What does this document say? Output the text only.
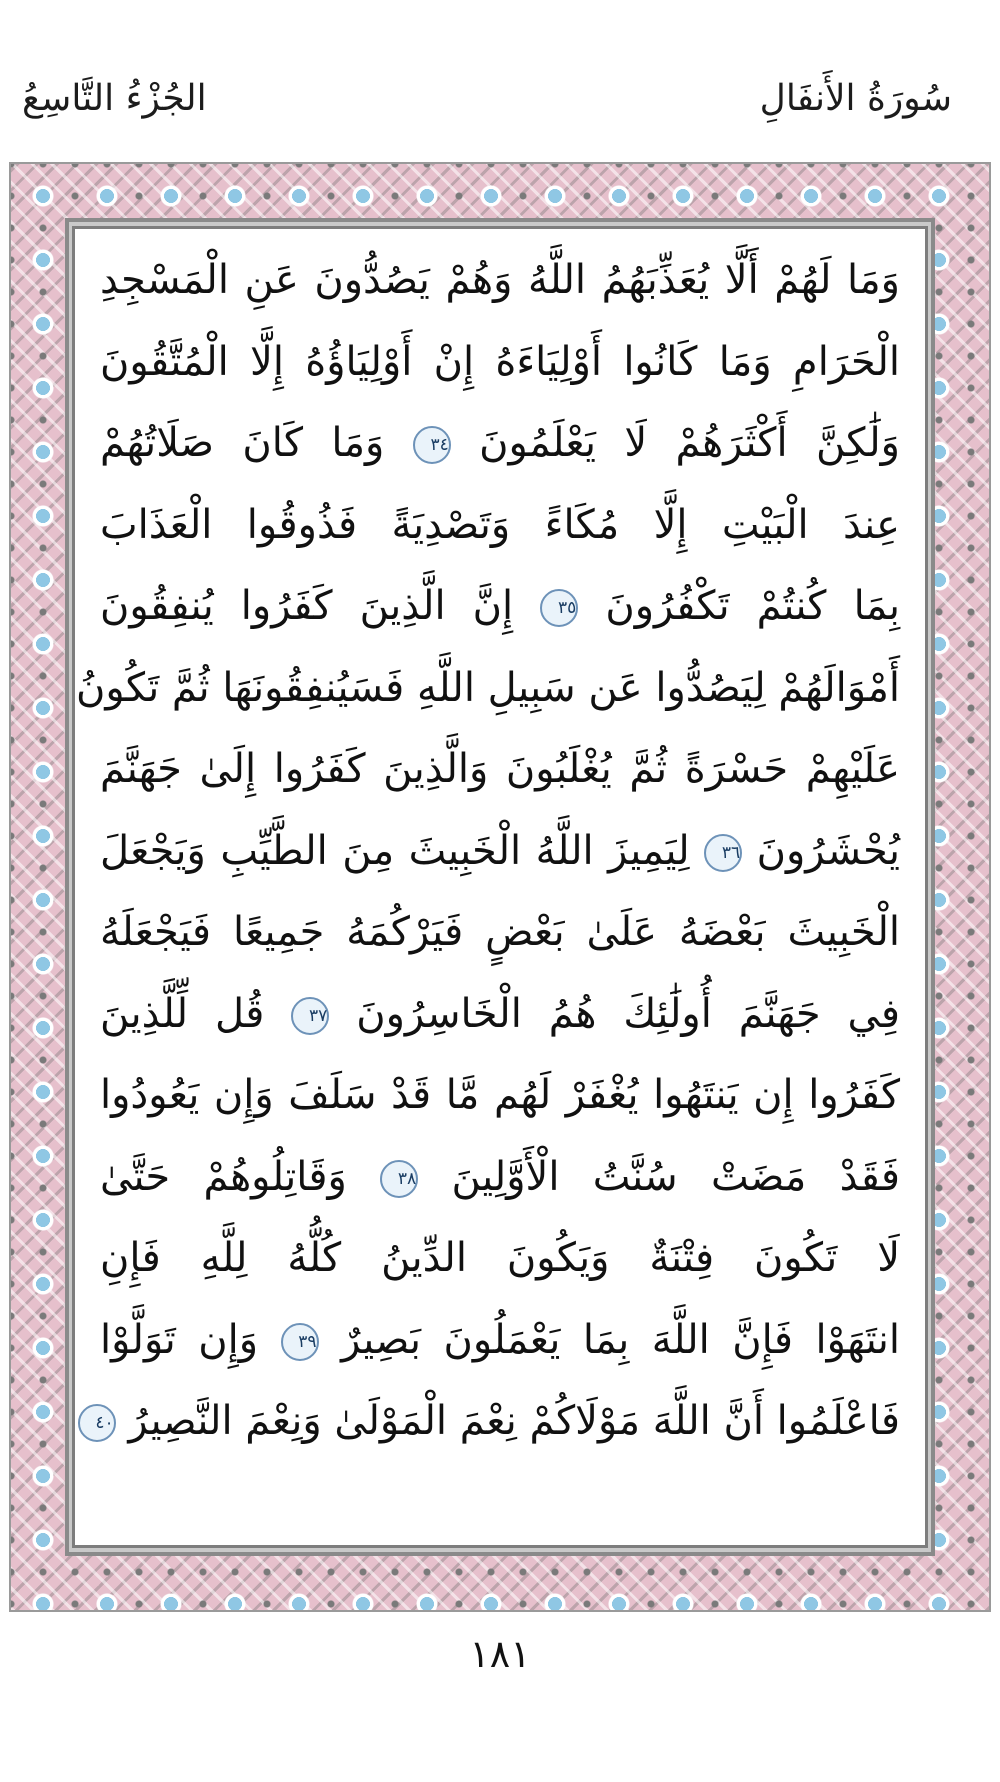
سُورَةُ الأَنفَالِ
الجُزْءُ التَّاسِعُ
وَمَا لَهُمْ أَلَّا يُعَذِّبَهُمُ اللَّهُ وَهُمْ يَصُدُّونَ عَنِ الْمَسْجِدِ
الْحَرَامِ وَمَا كَانُوا أَوْلِيَاءَهُ إِنْ أَوْلِيَاؤُهُ إِلَّا الْمُتَّقُونَ
وَلَٰكِنَّ أَكْثَرَهُمْ لَا يَعْلَمُونَ ٣٤ وَمَا كَانَ صَلَاتُهُمْ
عِندَ الْبَيْتِ إِلَّا مُكَاءً وَتَصْدِيَةً فَذُوقُوا الْعَذَابَ
بِمَا كُنتُمْ تَكْفُرُونَ ٣٥ إِنَّ الَّذِينَ كَفَرُوا يُنفِقُونَ
أَمْوَالَهُمْ لِيَصُدُّوا عَن سَبِيلِ اللَّهِ فَسَيُنفِقُونَهَا ثُمَّ تَكُونُ
عَلَيْهِمْ حَسْرَةً ثُمَّ يُغْلَبُونَ وَالَّذِينَ كَفَرُوا إِلَىٰ جَهَنَّمَ
يُحْشَرُونَ ٣٦ لِيَمِيزَ اللَّهُ الْخَبِيثَ مِنَ الطَّيِّبِ وَيَجْعَلَ
الْخَبِيثَ بَعْضَهُ عَلَىٰ بَعْضٍ فَيَرْكُمَهُ جَمِيعًا فَيَجْعَلَهُ
فِي جَهَنَّمَ أُولَٰئِكَ هُمُ الْخَاسِرُونَ ٣٧ قُل لِّلَّذِينَ
كَفَرُوا إِن يَنتَهُوا يُغْفَرْ لَهُم مَّا قَدْ سَلَفَ وَإِن يَعُودُوا
فَقَدْ مَضَتْ سُنَّتُ الْأَوَّلِينَ ٣٨ وَقَاتِلُوهُمْ حَتَّىٰ
لَا تَكُونَ فِتْنَةٌ وَيَكُونَ الدِّينُ كُلُّهُ لِلَّهِ فَإِنِ
انتَهَوْا فَإِنَّ اللَّهَ بِمَا يَعْمَلُونَ بَصِيرٌ ٣٩ وَإِن تَوَلَّوْا
فَاعْلَمُوا أَنَّ اللَّهَ مَوْلَاكُمْ نِعْمَ الْمَوْلَىٰ وَنِعْمَ النَّصِيرُ ٤٠
١٨١
